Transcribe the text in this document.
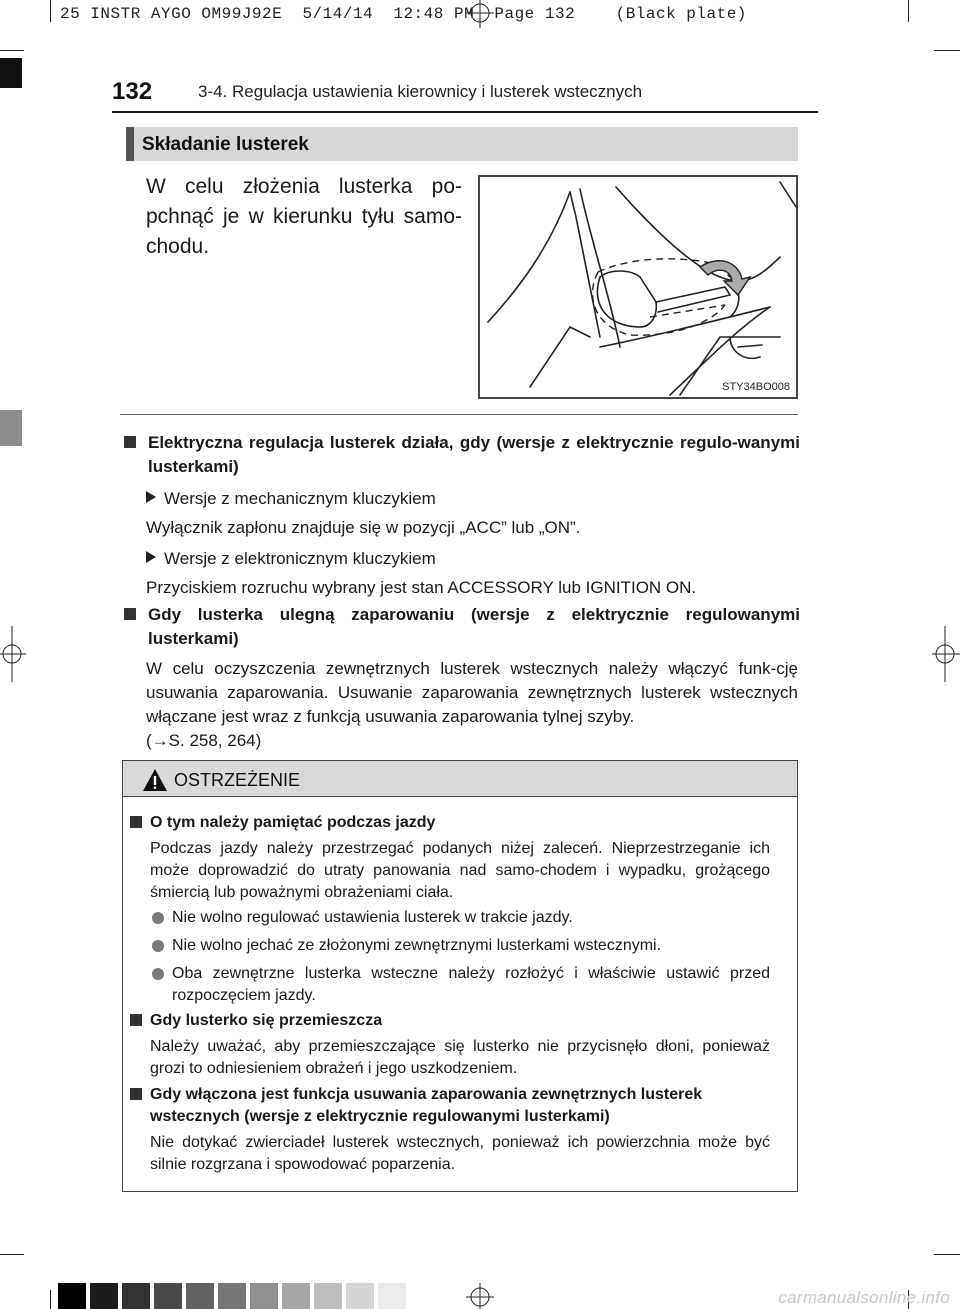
25 INSTR AYGO OM99J92E  5/14/14  12:48 PM  Page 132    (Black plate)
132	3-4. Regulacja ustawienia kierownicy i lusterek wstecznych
Składanie lusterek
W celu złożenia lusterka po-pchnąć je w kierunku tyłu samo-chodu.
STY34BO008
Elektryczna regulacja lusterek działa, gdy (wersje z elektrycznie regulo-wanymi lusterkami)
Wersje z mechanicznym kluczykiem
Wyłącznik zapłonu znajduje się w pozycji „ACC” lub „ON”.
Wersje z elektronicznym kluczykiem
Przyciskiem rozruchu wybrany jest stan ACCESSORY lub IGNITION ON.
Gdy lusterka ulegną zaparowaniu (wersje z elektrycznie regulowanymi lusterkami)
W celu oczyszczenia zewnętrznych lusterek wstecznych należy włączyć funk-cję usuwania zaparowania. Usuwanie zaparowania zewnętrznych lusterek wstecznych włączane jest wraz z funkcją usuwania zaparowania tylnej szyby.
(→S. 258, 264)
OSTRZEŻENIE
O tym należy pamiętać podczas jazdy
Podczas jazdy należy przestrzegać podanych niżej zaleceń. Nieprzestrzeganie ich może doprowadzić do utraty panowania nad samo-chodem i wypadku, grożącego śmiercią lub poważnymi obrażeniami ciała.
Nie wolno regulować ustawienia lusterek w trakcie jazdy.
Nie wolno jechać ze złożonymi zewnętrznymi lusterkami wstecznymi.
Oba zewnętrzne lusterka wsteczne należy rozłożyć i właściwie ustawić przed rozpoczęciem jazdy.
Gdy lusterko się przemieszcza
Należy uważać, aby przemieszczające się lusterko nie przycisnęło dłoni, ponieważ grozi to odniesieniem obrażeń i jego uszkodzeniem.
Gdy włączona jest funkcja usuwania zaparowania zewnętrznych lusterek wstecznych (wersje z elektrycznie regulowanymi lusterkami)
Nie dotykać zwierciadeł lusterek wstecznych, ponieważ ich powierzchnia może być silnie rozgrzana i spowodować poparzenia.
carmanualsonline.info
